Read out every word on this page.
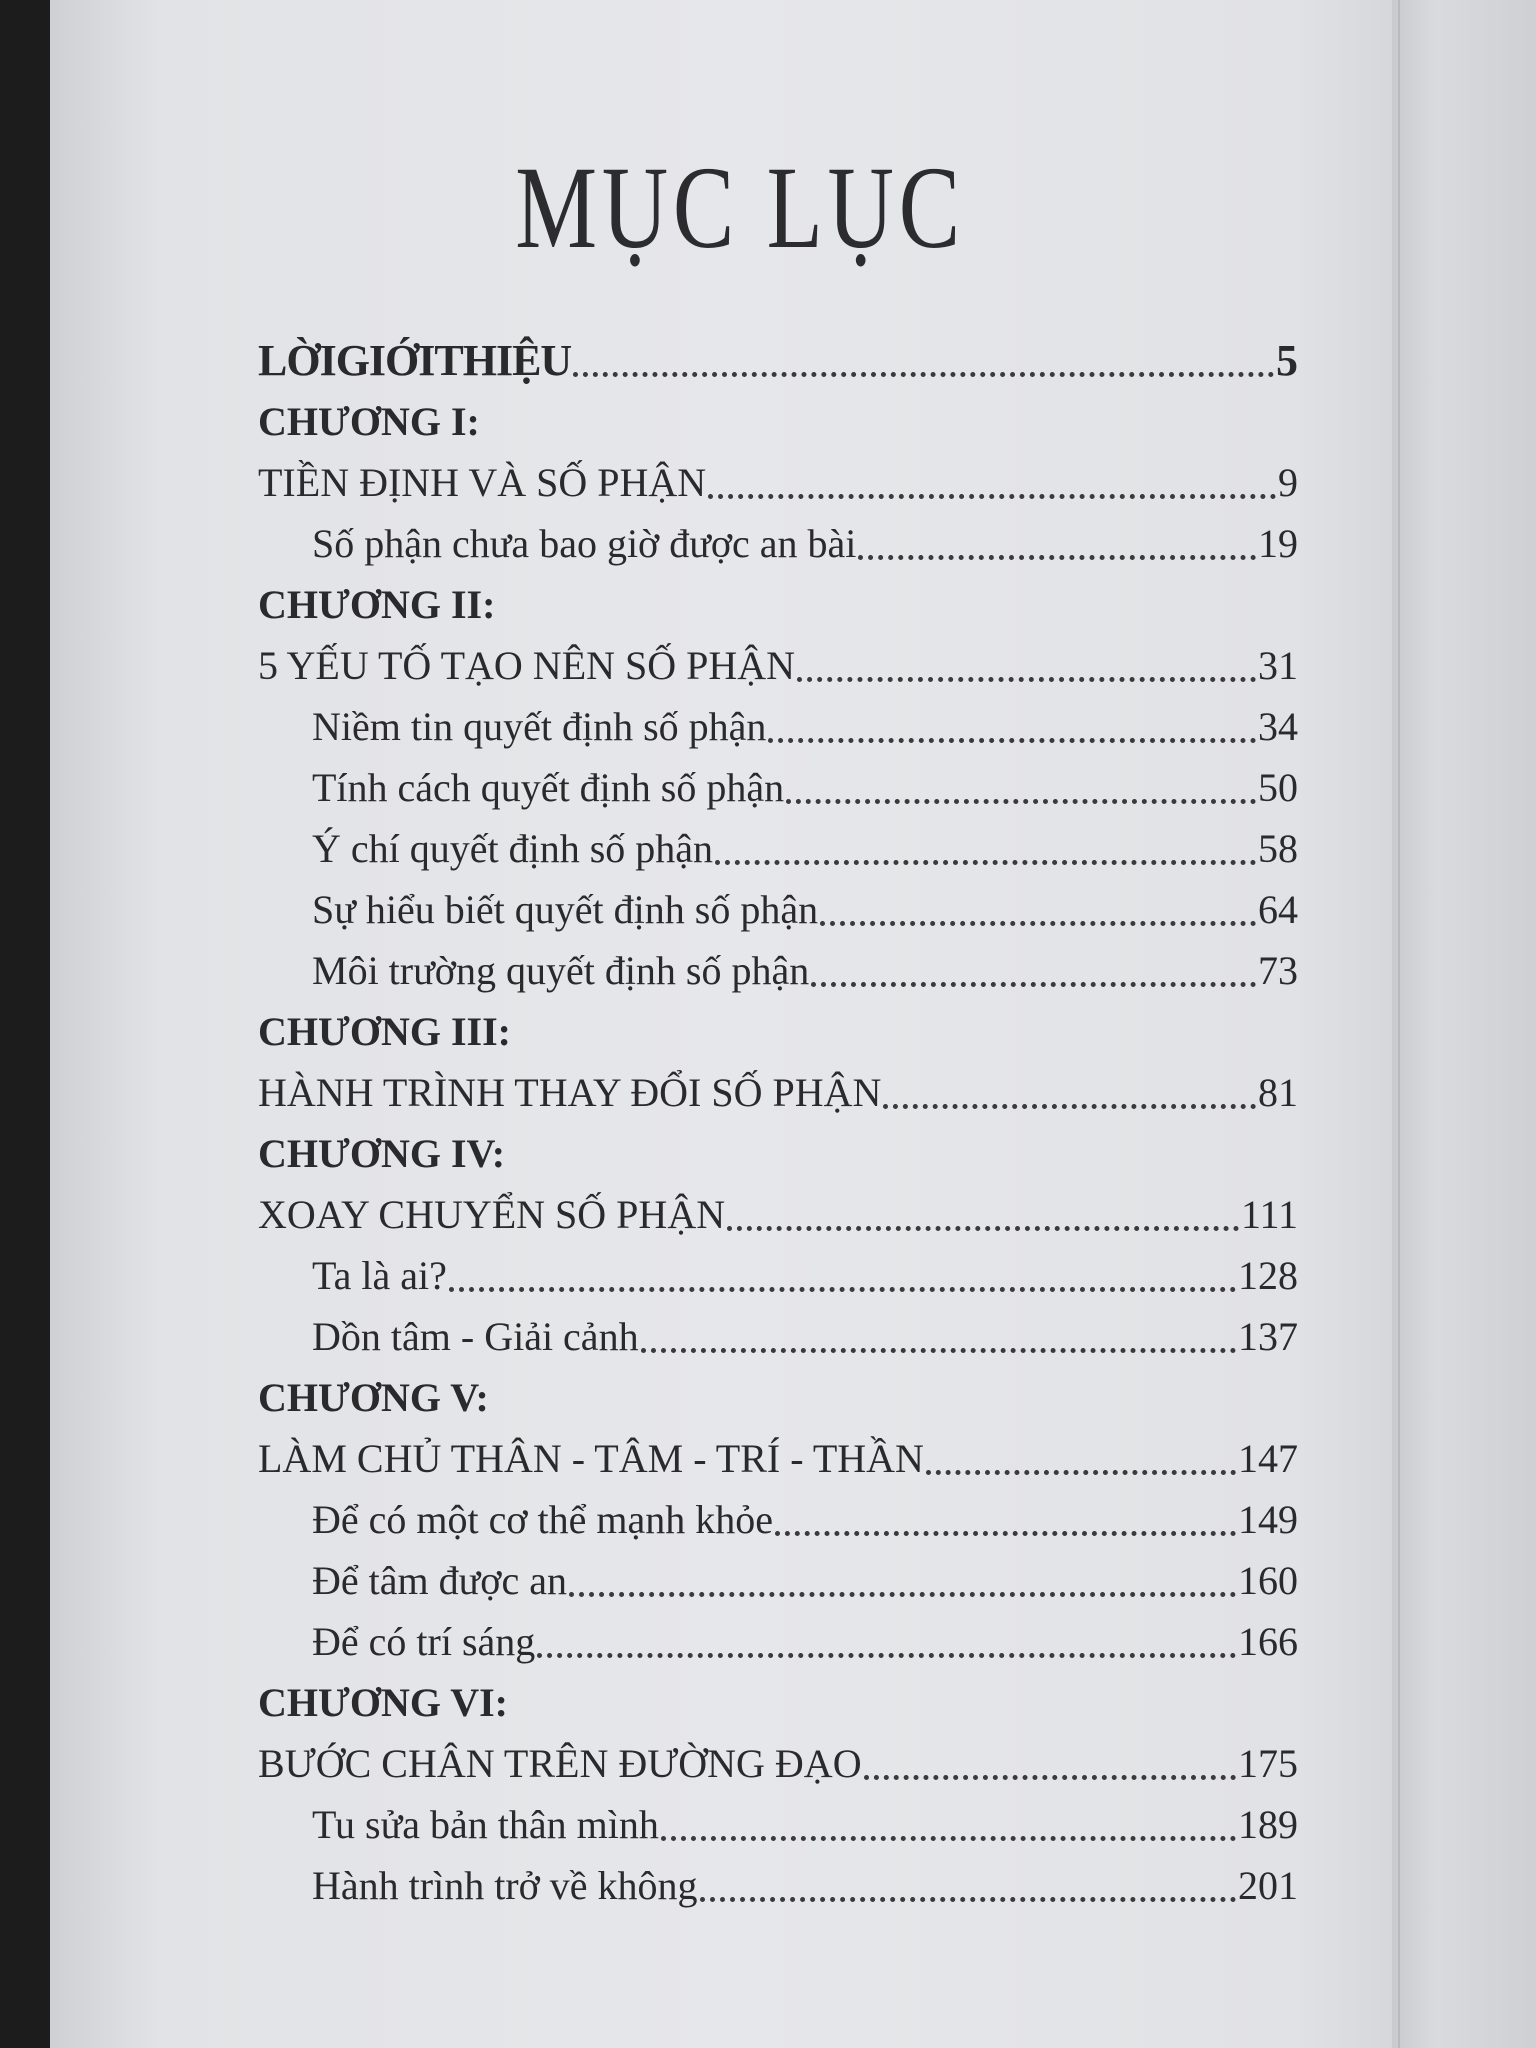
MỤC LỤC
LỜIGIỚITHIỆU	5
CHƯƠNG I:
TIỀN ĐỊNH VÀ SỐ PHẬN	9
Số phận chưa bao giờ được an bài	19
CHƯƠNG II:
5 YẾU TỐ TẠO NÊN SỐ PHẬN	31
Niềm tin quyết định số phận	34
Tính cách quyết định số phận	50
Ý chí quyết định số phận	58
Sự hiểu biết quyết định số phận	64
Môi trường quyết định số phận	73
CHƯƠNG III:
HÀNH TRÌNH THAY ĐỔI SỐ PHẬN	81
CHƯƠNG IV:
XOAY CHUYỂN SỐ PHẬN	111
Ta là ai?	128
Dồn tâm - Giải cảnh	137
CHƯƠNG V:
LÀM CHỦ THÂN - TÂM - TRÍ - THẦN	147
Để có một cơ thể mạnh khỏe	149
Để tâm được an	160
Để có trí sáng	166
CHƯƠNG VI:
BƯỚC CHÂN TRÊN ĐƯỜNG ĐẠO	175
Tu sửa bản thân mình	189
Hành trình trở về không	201
